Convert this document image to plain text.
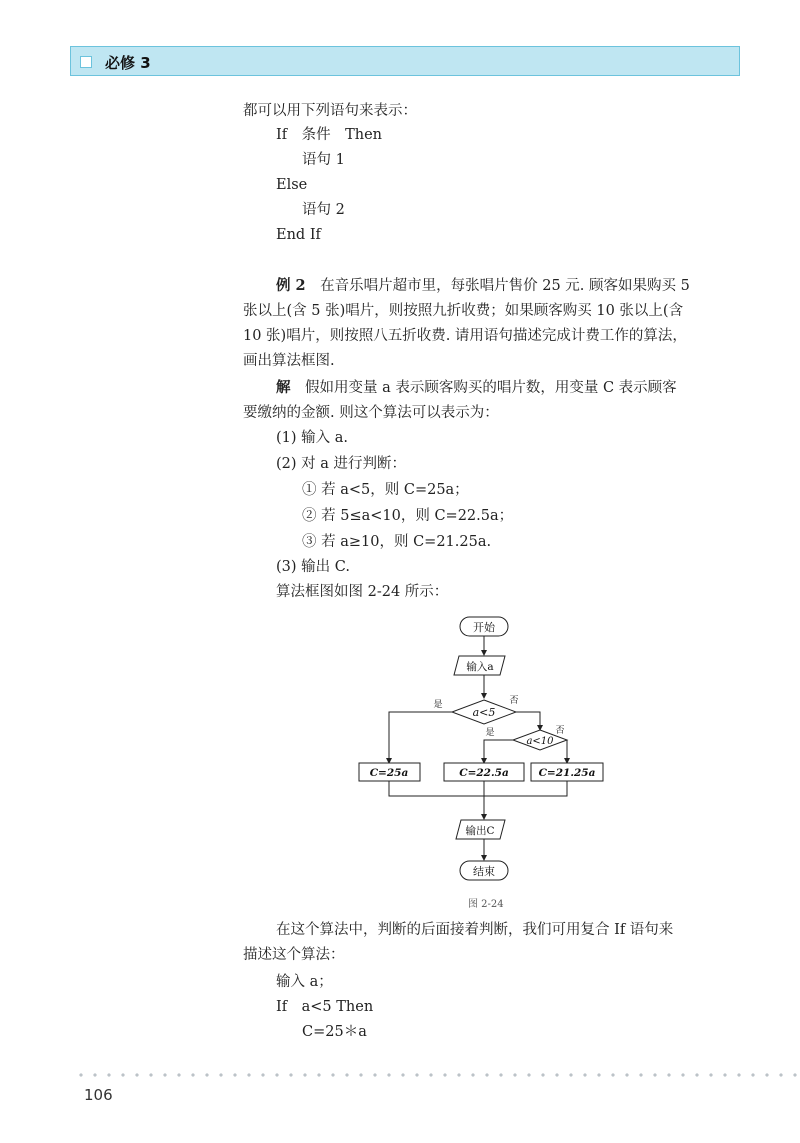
必修 3
都可以用下列语句来表示：
If　条件　Then
语句 1
Else
语句 2
End If
例 2　在音乐唱片超市里，每张唱片售价 25 元. 顾客如果购买 5
张以上(含 5 张)唱片，则按照九折收费；如果顾客购买 10 张以上(含
10 张)唱片，则按照八五折收费. 请用语句描述完成计费工作的算法，
画出算法框图.
解　假如用变量 a 表示顾客购买的唱片数，用变量 C 表示顾客
要缴纳的金额. 则这个算法可以表示为：
(1) 输入 a.
(2) 对 a 进行判断：
① 若 a<5，则 C=25a；
② 若 5≤a<10，则 C=22.5a；
③ 若 a≥10，则 C=21.25a.
(3) 输出 C.
算法框图如图 2-24 所示：
开始
输入a
a<5
a<10
是	否
是	否
C=25a	C=22.5a	C=21.25a
输出C
结束
图 2-24
在这个算法中，判断的后面接着判断，我们可用复合 If 语句来
描述这个算法：
输入 a；
If　a<5 Then
C=25＊a
106
